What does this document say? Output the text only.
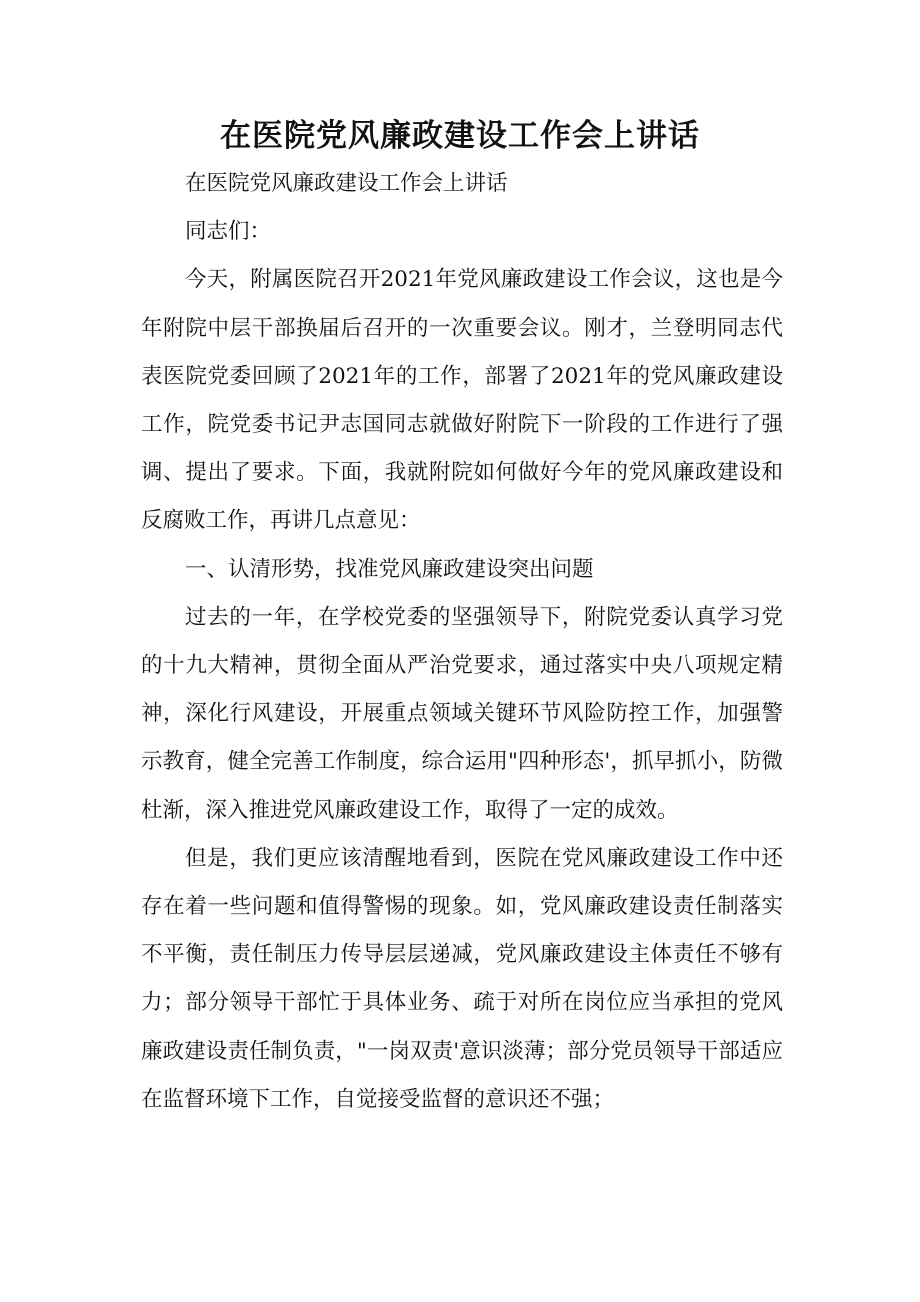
在医院党风廉政建设工作会上讲话

在医院党风廉政建设工作会上讲话

同志们：

今天，附属医院召开2021年党风廉政建设工作会议，这也是今年附院中层干部换届后召开的一次重要会议。刚才，兰登明同志代表医院党委回顾了2021年的工作，部署了2021年的党风廉政建设工作，院党委书记尹志国同志就做好附院下一阶段的工作进行了强调、提出了要求。下面，我就附院如何做好今年的党风廉政建设和反腐败工作，再讲几点意见：

一、认清形势，找准党风廉政建设突出问题

过去的一年，在学校党委的坚强领导下，附院党委认真学习党的十九大精神，贯彻全面从严治党要求，通过落实中央八项规定精神，深化行风建设，开展重点领域关键环节风险防控工作，加强警示教育，健全完善工作制度，综合运用"四种形态'，抓早抓小，防微杜渐，深入推进党风廉政建设工作，取得了一定的成效。

但是，我们更应该清醒地看到，医院在党风廉政建设工作中还存在着一些问题和值得警惕的现象。如，党风廉政建设责任制落实不平衡，责任制压力传导层层递减，党风廉政建设主体责任不够有力；部分领导干部忙于具体业务、疏于对所在岗位应当承担的党风廉政建设责任制负责，"一岗双责'意识淡薄；部分党员领导干部适应在监督环境下工作，自觉接受监督的意识还不强；
